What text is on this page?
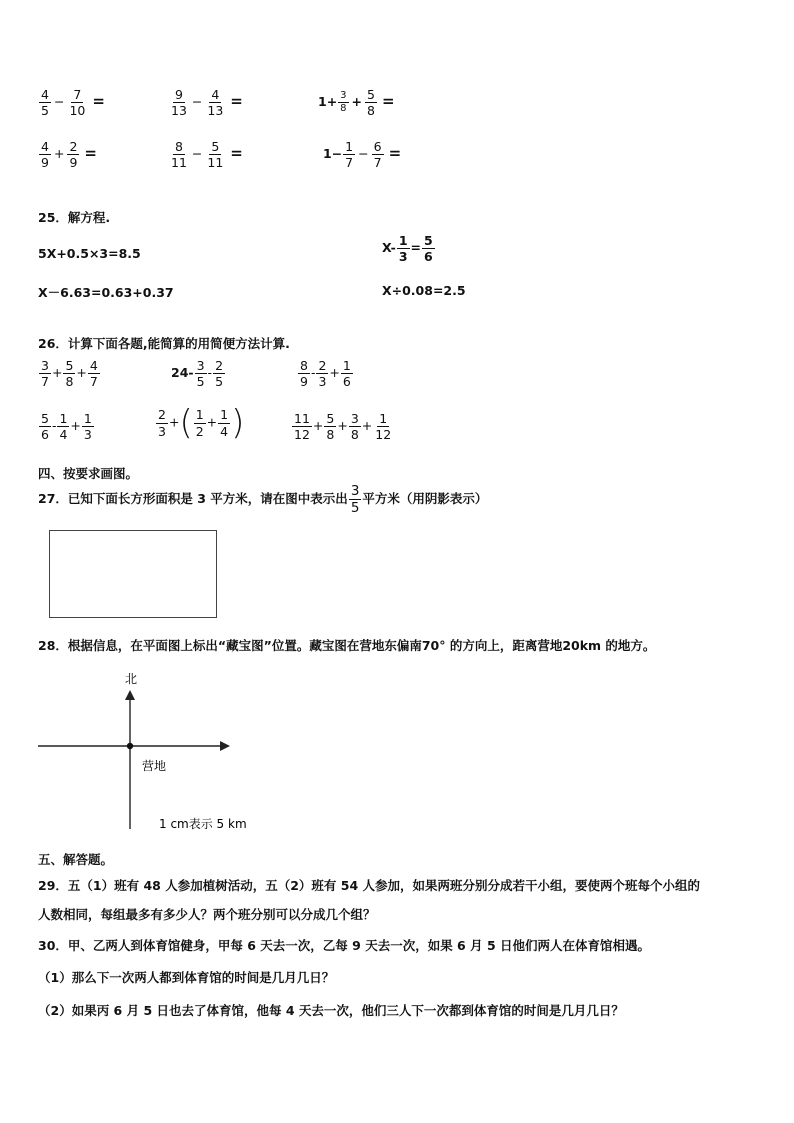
$\frac{4}{5} - \frac{7}{10}$ =	$\frac{9}{13} - \frac{4}{13}$ =	$1+ \frac{3}{8} + \frac{5}{8}$ =
$\frac{4}{9} + \frac{2}{9}$ =	$\frac{8}{11} - \frac{5}{11}$ =	$1- \frac{1}{7} - \frac{6}{7}$ =
25．解方程.
5X+0.5×3=8.5	$X- \frac{1}{3} = \frac{5}{6}$
X－6.63=0.63+0.37	X÷0.08=2.5
26．计算下面各题,能简算的用简便方法计算.
$\frac{3}{7} + \frac{5}{8} + \frac{4}{7}$	$24- \frac{3}{5} - \frac{2}{5}$	$\frac{8}{9} - \frac{2}{3} + \frac{1}{6}$
$\frac{5}{6} - \frac{1}{4} + \frac{1}{3}$	$\frac{2}{3}$ +( $\frac{1}{2} + \frac{1}{4}$ )	$\frac{11}{12} + \frac{5}{8} + \frac{3}{8} + \frac{1}{12}$
四、按要求画图。
27．已知下面长方形面积是 3 平方米，请在图中表示出 $\frac{3}{5}$ 平方米（用阴影表示）
28．根据信息，在平面图上标出“藏宝图”位置。藏宝图在营地东偏南70° 的方向上，距离营地20km 的地方。
北
营地
1 cm表示 5 km
五、解答题。
29．五（1）班有 48 人参加植树活动，五（2）班有 54 人参加，如果两班分别分成若干小组，要使两个班每个小组的
人数相同，每组最多有多少人？两个班分别可以分成几个组？
30．甲、乙两人到体育馆健身，甲每 6 天去一次，乙每 9 天去一次，如果 6 月 5 日他们两人在体育馆相遇。
（1）那么下一次两人都到体育馆的时间是几月几日？
（2）如果丙 6 月 5 日也去了体育馆，他每 4 天去一次，他们三人下一次都到体育馆的时间是几月几日？
